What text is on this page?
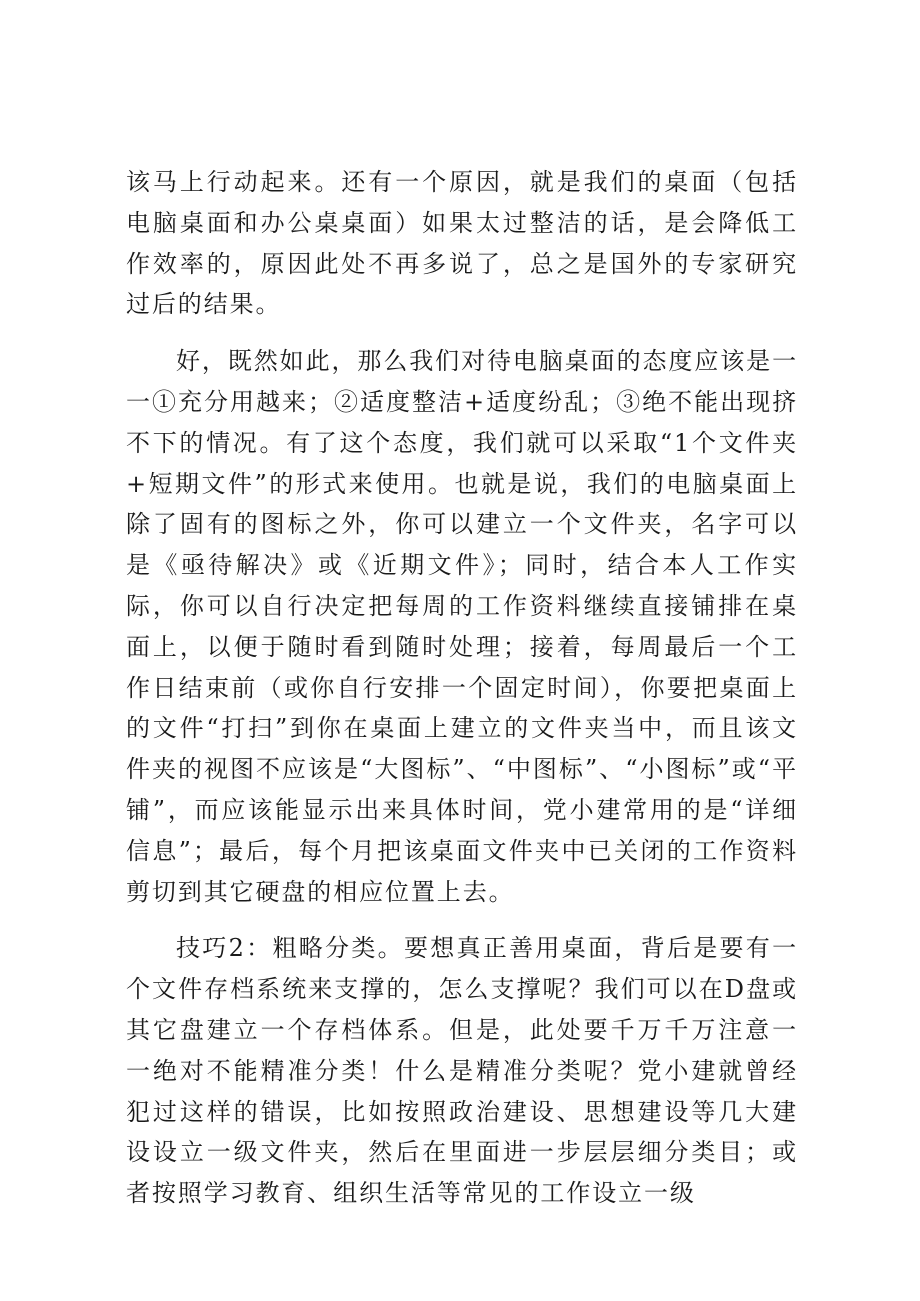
该马上行动起来。还有一个原因，就是我们的桌面（包括电脑桌面和办公桌桌面）如果太过整洁的话，是会降低工作效率的，原因此处不再多说了，总之是国外的专家研究过后的结果。

好，既然如此，那么我们对待电脑桌面的态度应该是一一①充分用越来；②适度整洁+适度纷乱；③绝不能出现挤不下的情况。有了这个态度，我们就可以采取“1个文件夹+短期文件”的形式来使用。也就是说，我们的电脑桌面上除了固有的图标之外，你可以建立一个文件夹，名字可以是《亟待解决》或《近期文件》；同时，结合本人工作实际，你可以自行决定把每周的工作资料继续直接铺排在桌面上，以便于随时看到随时处理；接着，每周最后一个工作日结束前（或你自行安排一个固定时间），你要把桌面上的文件“打扫”到你在桌面上建立的文件夹当中，而且该文件夹的视图不应该是“大图标”、“中图标”、“小图标”或“平铺”，而应该能显示出来具体时间，党小建常用的是“详细信息”；最后，每个月把该桌面文件夹中已关闭的工作资料剪切到其它硬盘的相应位置上去。

技巧2：粗略分类。要想真正善用桌面，背后是要有一个文件存档系统来支撑的，怎么支撑呢？我们可以在D盘或其它盘建立一个存档体系。但是，此处要千万千万注意一一绝对不能精准分类！什么是精准分类呢？党小建就曾经犯过这样的错误，比如按照政治建设、思想建设等几大建设设立一级文件夹，然后在里面进一步层层细分类目；或者按照学习教育、组织生活等常见的工作设立一级
